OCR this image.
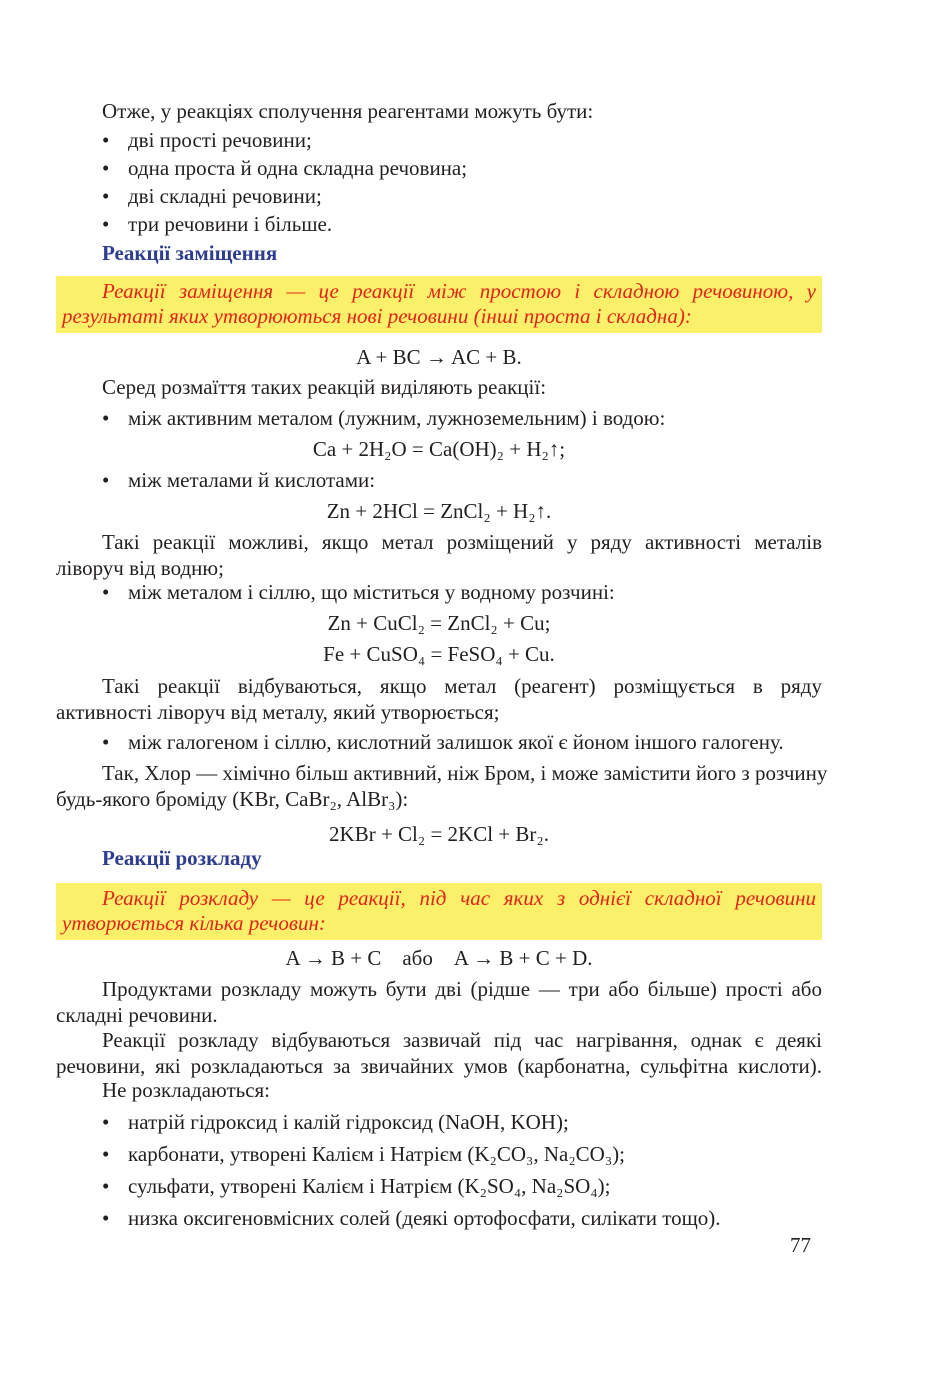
Отже, у реакціях сполучення реагентами можуть бути:
• дві прості речовини;
• одна проста й одна складна речовина;
• дві складні речовини;
• три речовини і більше.
Реакції заміщення
Реакції заміщення — це реакції між простою і складною речовиною, у
результаті яких утворюються нові речовини (інші проста і складна):
A + BC → AC + B.
Серед розмаїття таких реакцій виділяють реакції:
• між активним металом (лужним, лужноземельним) і водою:
Ca + 2H₂O = Ca(OH)₂ + H₂↑;
• між металами й кислотами:
Zn + 2HCl = ZnCl₂ + H₂↑.
Такі реакції можливі, якщо метал розміщений у ряду активності металів
ліворуч від водню;
• між металом і сіллю, що міститься у водному розчині:
Zn + CuCl₂ = ZnCl₂ + Cu;
Fe + CuSO₄ = FeSO₄ + Cu.
Такі реакції відбуваються, якщо метал (реагент) розміщується в ряду
активності ліворуч від металу, який утворюється;
• між галогеном і сіллю, кислотний залишок якої є йоном іншого галогену.
Так, Хлор — хімічно більш активний, ніж Бром, і може замістити його з розчину
будь-якого броміду (KBr, CaBr₂, AlBr₃):
2KBr + Cl₂ = 2KCl + Br₂.
Реакції розкладу
Реакції розкладу — це реакції, під час яких з однієї складної речовини
утворюється кілька речовин:
A → B + C    або    A → B + C + D.
Продуктами розкладу можуть бути дві (рідше — три або більше) прості або
складні речовини.
Реакції розкладу відбуваються зазвичай під час нагрівання, однак є деякі
речовини, які розкладаються за звичайних умов (карбонатна, сульфітна кислоти).
Не розкладаються:
• натрій гідроксид і калій гідроксид (NaOH, KOH);
• карбонати, утворені Калієм і Натрієм (K₂CO₃, Na₂CO₃);
• сульфати, утворені Калієм і Натрієм (K₂SO₄, Na₂SO₄);
• низка оксигеновмісних солей (деякі ортофосфати, силікати тощо).
77
